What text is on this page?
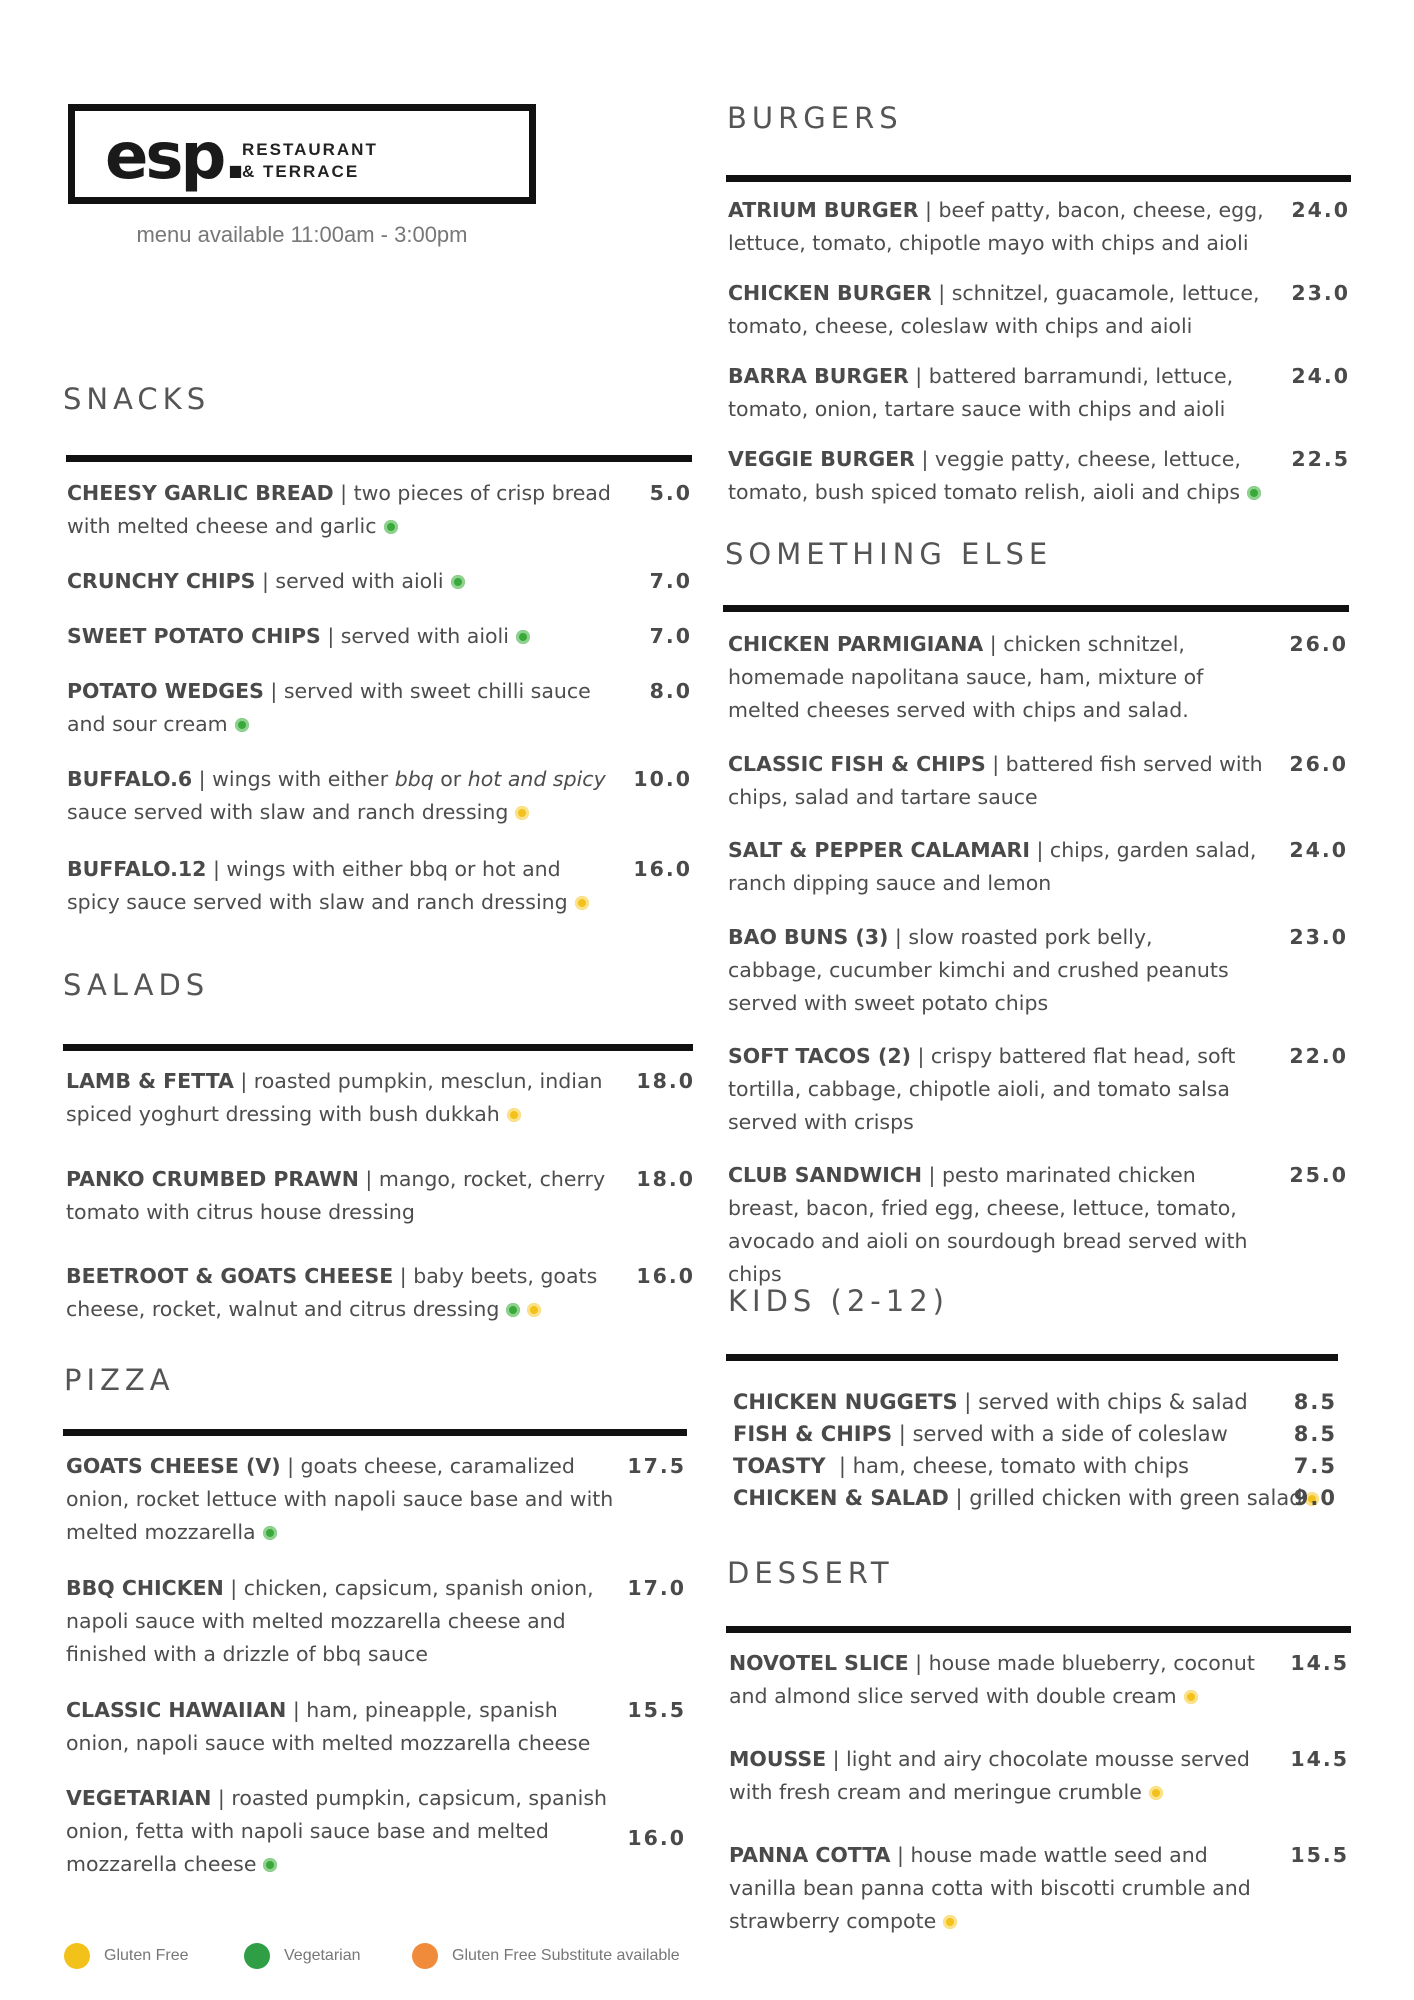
esp.
RESTAURANT
& TERRACE
menu available 11:00am - 3:00pm
SNACKS
CHEESY GARLIC BREAD | two pieces of crisp bread with melted cheese and garlic
5.0
CRUNCHY CHIPS | served with aioli	7.0
SWEET POTATO CHIPS | served with aioli	7.0
POTATO WEDGES | served with sweet chilli sauce and sour cream
8.0
BUFFALO.6 | wings with either bbq or hot and spicy sauce served with slaw and ranch dressing
10.0
BUFFALO.12 | wings with either bbq or hot and spicy sauce served with slaw and ranch dressing
16.0
SALADS
LAMB & FETTA | roasted pumpkin, mesclun, indian spiced yoghurt dressing with bush dukkah
18.0
PANKO CRUMBED PRAWN | mango, rocket, cherry tomato with citrus house dressing
18.0
BEETROOT & GOATS CHEESE | baby beets, goats cheese, rocket, walnut and citrus dressing
16.0
PIZZA
GOATS CHEESE (V) | goats cheese, caramalized onion, rocket lettuce with napoli sauce base and with melted mozzarella
17.5
BBQ CHICKEN | chicken, capsicum, spanish onion, napoli sauce with melted mozzarella cheese and finished with a drizzle of bbq sauce
17.0
CLASSIC HAWAIIAN | ham, pineapple, spanish onion, napoli sauce with melted mozzarella cheese
15.5
VEGETARIAN | roasted pumpkin, capsicum, spanish onion, fetta with napoli sauce base and melted mozzarella cheese
16.0
BURGERS
ATRIUM BURGER | beef patty, bacon, cheese, egg, lettuce, tomato, chipotle mayo with chips and aioli
24.0
CHICKEN BURGER | schnitzel, guacamole, lettuce, tomato, cheese, coleslaw with chips and aioli
23.0
BARRA BURGER | battered barramundi, lettuce, tomato, onion, tartare sauce with chips and aioli
24.0
VEGGIE BURGER | veggie patty, cheese, lettuce, tomato, bush spiced tomato relish, aioli and chips
22.5
SOMETHING ELSE
CHICKEN PARMIGIANA | chicken schnitzel, homemade napolitana sauce, ham, mixture of melted cheeses served with chips and salad.
26.0
CLASSIC FISH & CHIPS | battered fish served with chips, salad and tartare sauce
26.0
SALT & PEPPER CALAMARI | chips, garden salad, ranch dipping sauce and lemon
24.0
BAO BUNS (3) | slow roasted pork belly, cabbage, cucumber kimchi and crushed peanuts served with sweet potato chips
23.0
SOFT TACOS (2) | crispy battered flat head, soft tortilla, cabbage, chipotle aioli, and tomato salsa served with crisps
22.0
CLUB SANDWICH | pesto marinated chicken breast, bacon, fried egg, cheese, lettuce, tomato, avocado and aioli on sourdough bread served with chips
25.0
KIDS (2-12)
CHICKEN NUGGETS | served with chips & salad	8.5
FISH & CHIPS | served with a side of coleslaw	8.5
TOASTY  | ham, cheese, tomato with chips	7.5
CHICKEN & SALAD | grilled chicken with green salad
9.0
DESSERT
NOVOTEL SLICE | house made blueberry, coconut and almond slice served with double cream
14.5
MOUSSE | light and airy chocolate mousse served with fresh cream and meringue crumble
14.5
PANNA COTTA | house made wattle seed and vanilla bean panna cotta with biscotti crumble and strawberry compote
15.5
Gluten Free	Vegetarian	Gluten Free Substitute available
